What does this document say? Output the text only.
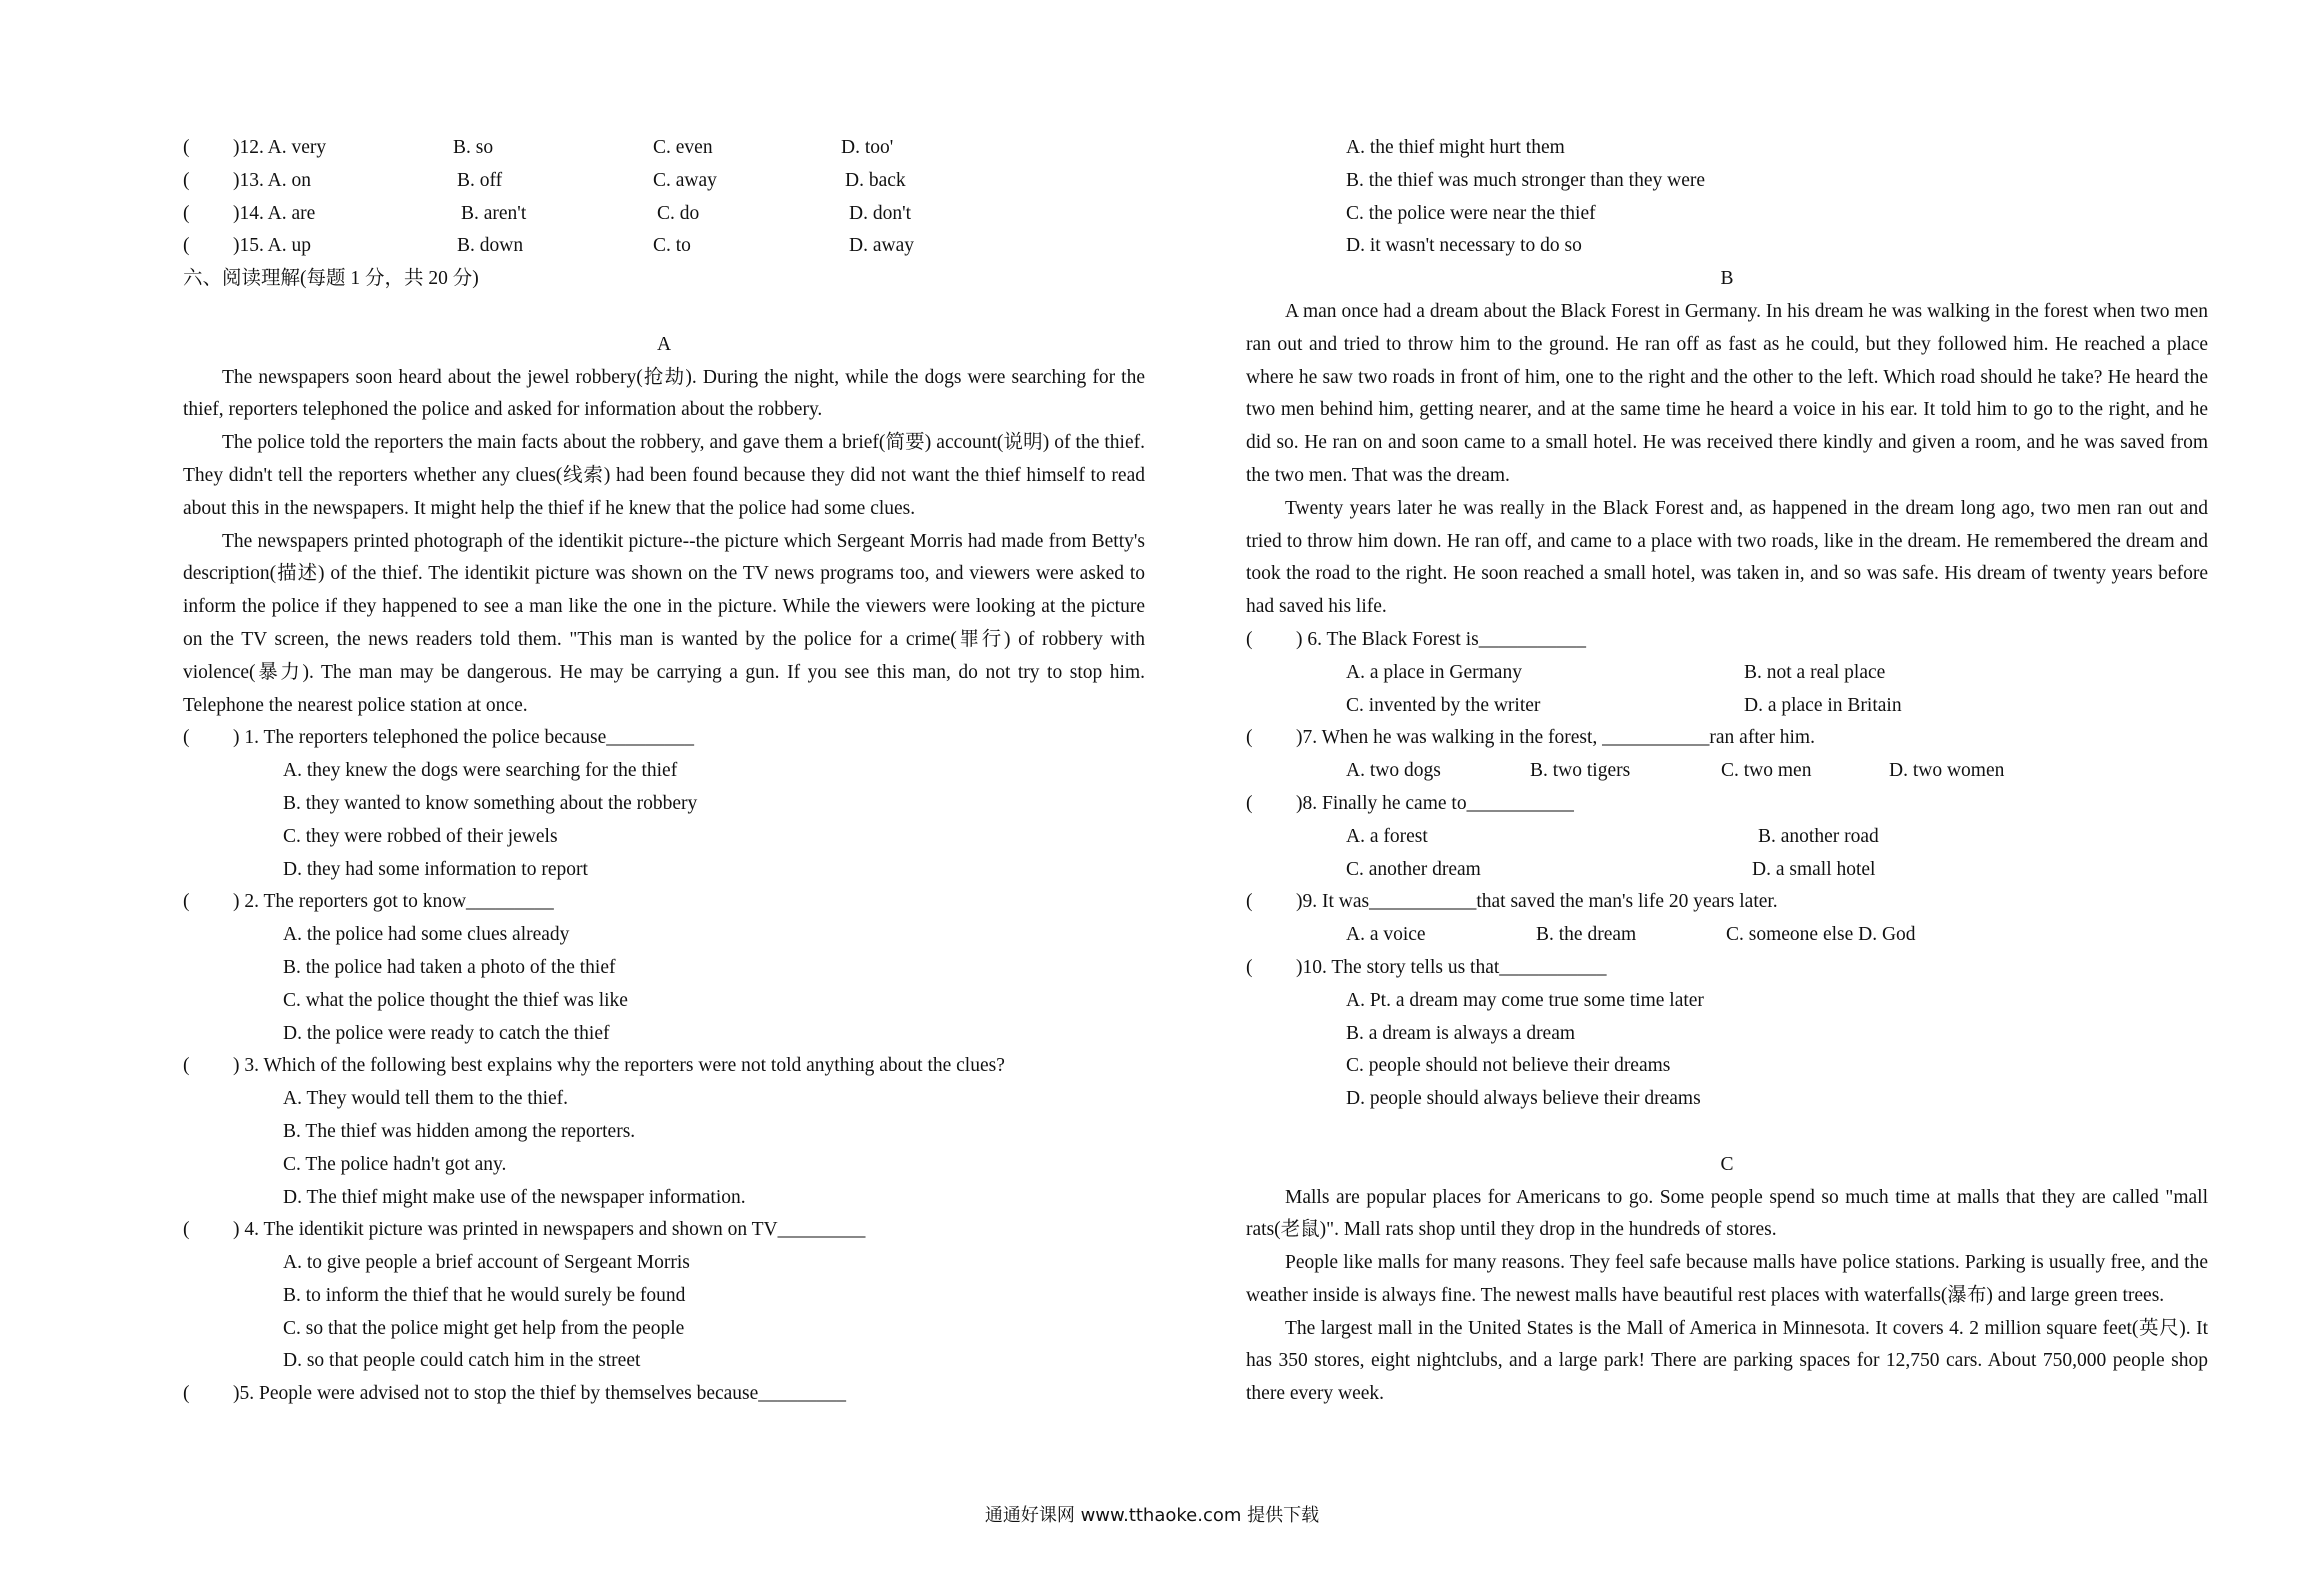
(	)12. A. very	B. so	C. even	D. too'
(	)13. A. on	B. off	C. away	D. back
(	)14. A. are	B. aren't	C. do	D. don't
(	)15. A. up	B. down	C. to	D. away
六、阅读理解(每题 1 分，共 20 分)
A

The newspapers soon heard about the jewel robbery(抢劫). During the night, while the dogs were searching for the thief, reporters telephoned the police and asked for information about the robbery.

The police told the reporters the main facts about the robbery, and gave them a brief(简要) account(说明) of the thief. They didn't tell the reporters whether any clues(线索) had been found because they did not want the thief himself to read about this in the newspapers. It might help the thief if he knew that the police had some clues.

The newspapers printed photograph of the identikit picture--the picture which Sergeant Morris had made from Betty's description(描述) of the thief. The identikit picture was shown on the TV news programs too, and viewers were asked to inform the police if they happened to see a man like the one in the picture. While the viewers were looking at the picture on the TV screen, the news readers told them. "This man is wanted by the police for a crime(罪行) of robbery with violence(暴力). The man may be dangerous. He may be carrying a gun. If you see this man, do not try to stop him. Telephone the nearest police station at once.

(	) 1. The reporters telephoned the police because_________
A. they knew the dogs were searching for the thief
B. they wanted to know something about the robbery
C. they were robbed of their jewels
D. they had some information to report
(	) 2. The reporters got to know_________
A. the police had some clues already
B. the police had taken a photo of the thief
C. what the police thought the thief was like
D. the police were ready to catch the thief
(	) 3. Which of the following best explains why the reporters were not told anything about the clues?
A. They would tell them to the thief.
B. The thief was hidden among the reporters.
C. The police hadn't got any.
D. The thief might make use of the newspaper information.
(	) 4. The identikit picture was printed in newspapers and shown on TV_________
A. to give people a brief account of Sergeant Morris
B. to inform the thief that he would surely be found
C. so that the police might get help from the people
D. so that people could catch him in the street
(	)5. People were advised not to stop the thief by themselves because_________
A. the thief might hurt them
B. the thief was much stronger than they were
C. the police were near the thief
D. it wasn't necessary to do so
B

A man once had a dream about the Black Forest in Germany. In his dream he was walking in the forest when two men ran out and tried to throw him to the ground. He ran off as fast as he could, but they followed him. He reached a place where he saw two roads in front of him, one to the right and the other to the left. Which road should he take? He heard the two men behind him, getting nearer, and at the same time he heard a voice in his ear. It told him to go to the right, and he did so. He ran on and soon came to a small hotel. He was received there kindly and given a room, and he was saved from the two men. That was the dream.

Twenty years later he was really in the Black Forest and, as happened in the dream long ago, two men ran out and tried to throw him down. He ran off, and came to a place with two roads, like in the dream. He remembered the dream and took the road to the right. He soon reached a small hotel, was taken in, and so was safe. His dream of twenty years before had saved his life.

(	) 6. The Black Forest is___________
A. a place in Germany	B. not a real place
C. invented by the writer	D. a place in Britain
(	)7. When he was walking in the forest, ___________ran after him.
A. two dogs	B. two tigers	C. two men	D. two women
(	)8. Finally he came to___________
A. a forest	B. another road
C. another dream	D. a small hotel
(	)9. It was___________that saved the man's life 20 years later.
A. a voice	B. the dream	C. someone else D. God
(	)10. The story tells us that___________
A. Pt. a dream may come true some time later
B. a dream is always a dream
C. people should not believe their dreams
D. people should always believe their dreams
C

Malls are popular places for Americans to go. Some people spend so much time at malls that they are called "mall rats(老鼠)". Mall rats shop until they drop in the hundreds of stores.

People like malls for many reasons. They feel safe because malls have police stations. Parking is usually free, and the weather inside is always fine. The newest malls have beautiful rest places with waterfalls(瀑布) and large green trees.

The largest mall in the United States is the Mall of America in Minnesota. It covers 4. 2 million square feet(英尺). It has 350 stores, eight nightclubs, and a large park! There are parking spaces for 12,750 cars. About 750,000 people shop there every week.

通通好课网 www.tthaoke.com 提供下载
